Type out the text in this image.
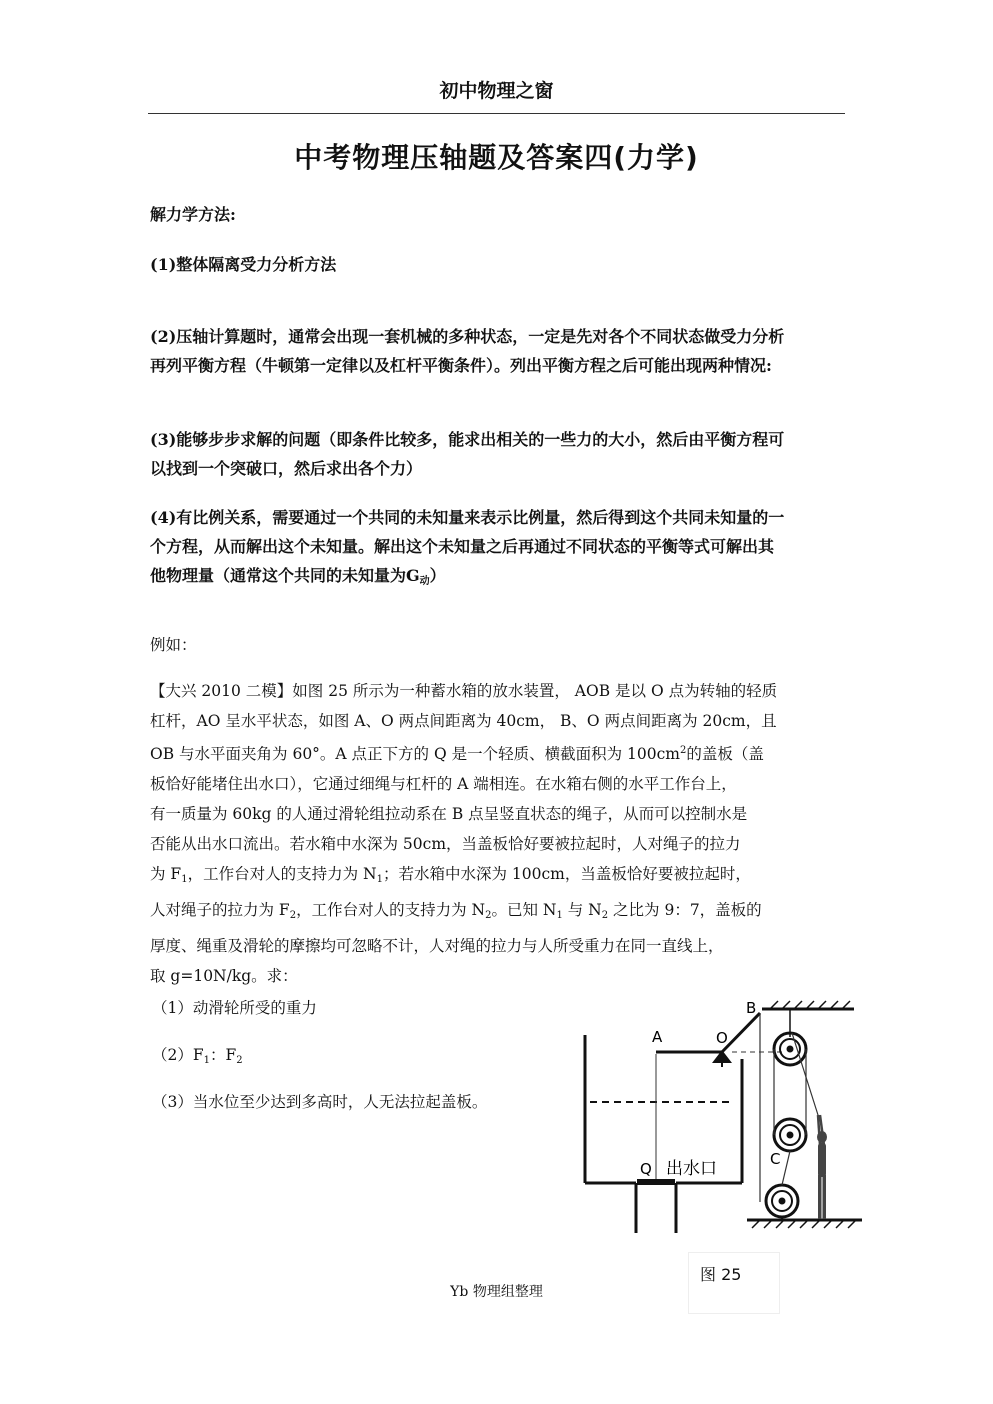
初中物理之窗
中考物理压轴题及答案四(力学)
解力学方法:
(1)整体隔离受力分析方法
(2)压轴计算题时，通常会出现一套机械的多种状态，一定是先对各个不同状态做受力分析
再列平衡方程（牛顿第一定律以及杠杆平衡条件）。列出平衡方程之后可能出现两种情况:
(3)能够步步求解的问题（即条件比较多，能求出相关的一些力的大小，然后由平衡方程可
以找到一个突破口，然后求出各个力）
(4)有比例关系，需要通过一个共同的未知量来表示比例量，然后得到这个共同未知量的一
个方程，从而解出这个未知量。解出这个未知量之后再通过不同状态的平衡等式可解出其
他物理量（通常这个共同的未知量为$G_动$）
例如：
【大兴 2010 二模】如图 25 所示为一种蓄水箱的放水装置， AOB 是以 O 点为转轴的轻质
杠杆，AO 呈水平状态，如图 A、O 两点间距离为 40cm， B、O 两点间距离为 20cm，且
OB 与水平面夹角为 60°。A 点正下方的 Q 是一个轻质、横截面积为 $100cm^2$的盖板（盖
板恰好能堵住出水口），它通过细绳与杠杆的 A 端相连。在水箱右侧的水平工作台上，
有一质量为 60kg 的人通过滑轮组拉动系在 B 点呈竖直状态的绳子，从而可以控制水是
否能从出水口流出。若水箱中水深为 50cm，当盖板恰好要被拉起时，人对绳子的拉力
为 $F_1$，工作台对人的支持力为 $N_1$；若水箱中水深为 100cm，当盖板恰好要被拉起时，
人对绳子的拉力为 $F_2$，工作台对人的支持力为 $N_2$。已知 $N_1$ 与 $N_2$ 之比为 9：7，盖板的
厚度、绳重及滑轮的摩擦均可忽略不计，人对绳的拉力与人所受重力在同一直线上，
取 g=10N/kg。求：
（1）动滑轮所受的重力
$(2)F_1$：$F_2$
（3）当水位至少达到多高时，人无法拉起盖板。
A	O
B
C
Q 出水口
图 25
Yb 物理组整理
